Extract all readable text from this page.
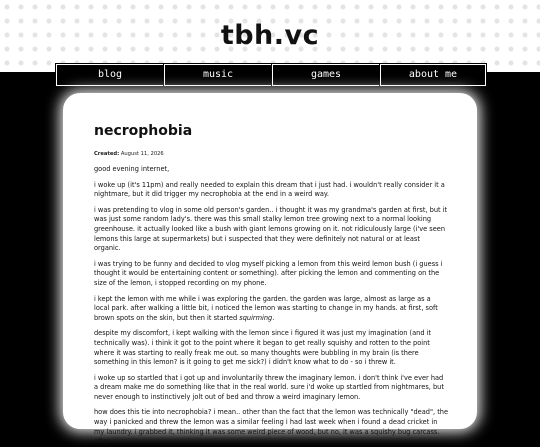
tbh.vc
blog	music	games	about me
necrophobia
Created: August 11, 2026

good evening internet,

i woke up (it's 11pm) and really needed to explain this dream that i just had. i wouldn't really consider it a nightmare, but it did trigger my necrophobia at the end in a weird way.

i was pretending to vlog in some old person's garden.. i thought it was my grandma's garden at first, but it was just some random lady's. there was this small stalky lemon tree growing next to a normal looking greenhouse. it actually looked like a bush with giant lemons growing on it. not ridiculously large (i've seen lemons this large at supermarkets) but i suspected that they were definitely not natural or at least organic.

i was trying to be funny and decided to vlog myself picking a lemon from this weird lemon bush (i guess i thought it would be entertaining content or something). after picking the lemon and commenting on the size of the lemon, i stopped recording on my phone.

i kept the lemon with me while i was exploring the garden. the garden was large, almost as large as a local park. after walking a little bit, i noticed the lemon was starting to change in my hands. at first, soft brown spots on the skin, but then it started squirming.

despite my discomfort, i kept walking with the lemon since i figured it was just my imagination (and it technically was). i think it got to the point where it began to get really squishy and rotten to the point where it was starting to really freak me out. so many thoughts were bubbling in my brain (is there something in this lemon? is it going to get me sick?) i didn't know what to do - so i threw it.

i woke up so startled that i got up and involuntarily threw the imaginary lemon. i don't think i've ever had a dream make me do something like that in the real world. sure i'd woke up startled from nightmares, but never enough to instinctively jolt out of bed and throw a weird imaginary lemon.

how does this tie into necrophobia? i mean.. other than the fact that the lemon was technically "dead", the way i panicked and threw the lemon was a similar feeling i had last week when i found a dead cricket in my laundry. i grabbed it, thinking it was some weird piece of wood, but no, it was a squishy bug carcass. after
